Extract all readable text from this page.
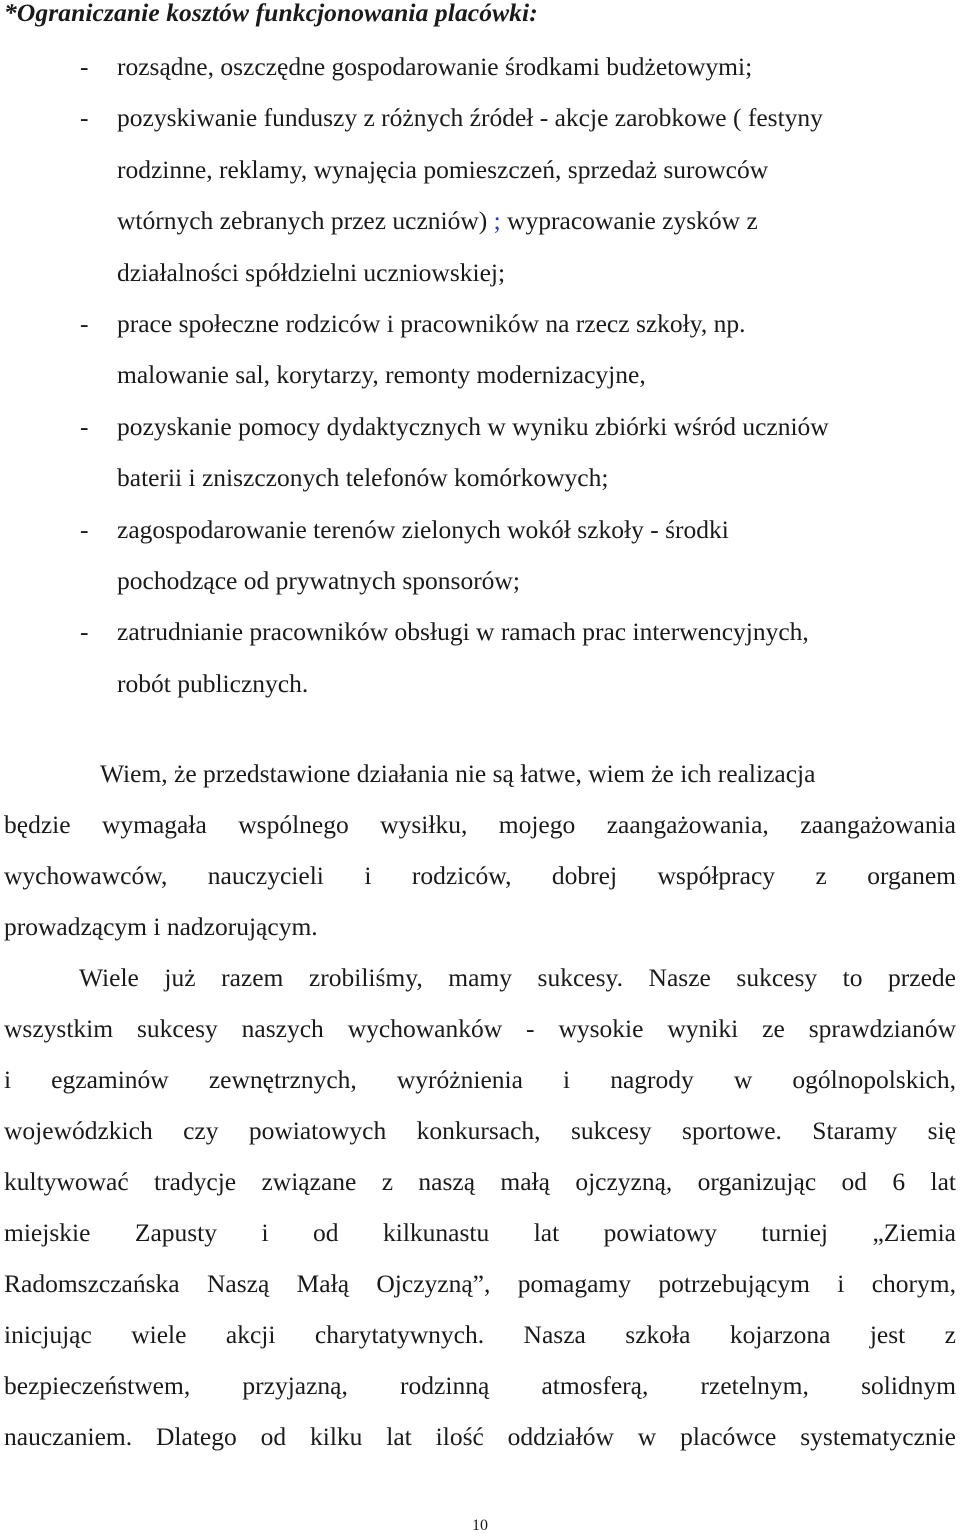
*Ograniczanie kosztów funkcjonowania placówki:
- rozsądne, oszczędne gospodarowanie środkami budżetowymi;
- pozyskiwanie funduszy z różnych źródeł - akcje zarobkowe ( festyny
rodzinne, reklamy, wynajęcia pomieszczeń, sprzedaż surowców
wtórnych zebranych przez uczniów) ; wypracowanie zysków z
działalności spółdzielni uczniowskiej;
- prace społeczne rodziców i pracowników na rzecz szkoły, np.
malowanie sal, korytarzy, remonty modernizacyjne,
- pozyskanie pomocy dydaktycznych w wyniku zbiórki wśród uczniów
baterii i zniszczonych telefonów komórkowych;
- zagospodarowanie terenów zielonych wokół szkoły - środki
pochodzące od prywatnych sponsorów;
- zatrudnianie pracowników obsługi w ramach prac interwencyjnych,
robót publicznych.
Wiem, że przedstawione działania nie są łatwe, wiem że ich realizacja
będzie wymagała wspólnego wysiłku, mojego zaangażowania, zaangażowania
wychowawców, nauczycieli i rodziców, dobrej współpracy z organem
prowadzącym i nadzorującym.
Wiele już razem zrobiliśmy, mamy sukcesy. Nasze sukcesy to przede
wszystkim sukcesy naszych wychowanków - wysokie wyniki ze sprawdzianów
i egzaminów zewnętrznych, wyróżnienia i nagrody w ogólnopolskich,
wojewódzkich czy powiatowych konkursach, sukcesy sportowe. Staramy się
kultywować tradycje związane z naszą małą ojczyzną, organizując od 6 lat
miejskie Zapusty i od kilkunastu lat powiatowy turniej „Ziemia
Radomszczańska Naszą Małą Ojczyzną”, pomagamy potrzebującym i chorym,
inicjując wiele akcji charytatywnych. Nasza szkoła kojarzona jest z
bezpieczeństwem, przyjazną, rodzinną atmosferą, rzetelnym, solidnym
nauczaniem. Dlatego od kilku lat ilość oddziałów w placówce systematycznie
10
